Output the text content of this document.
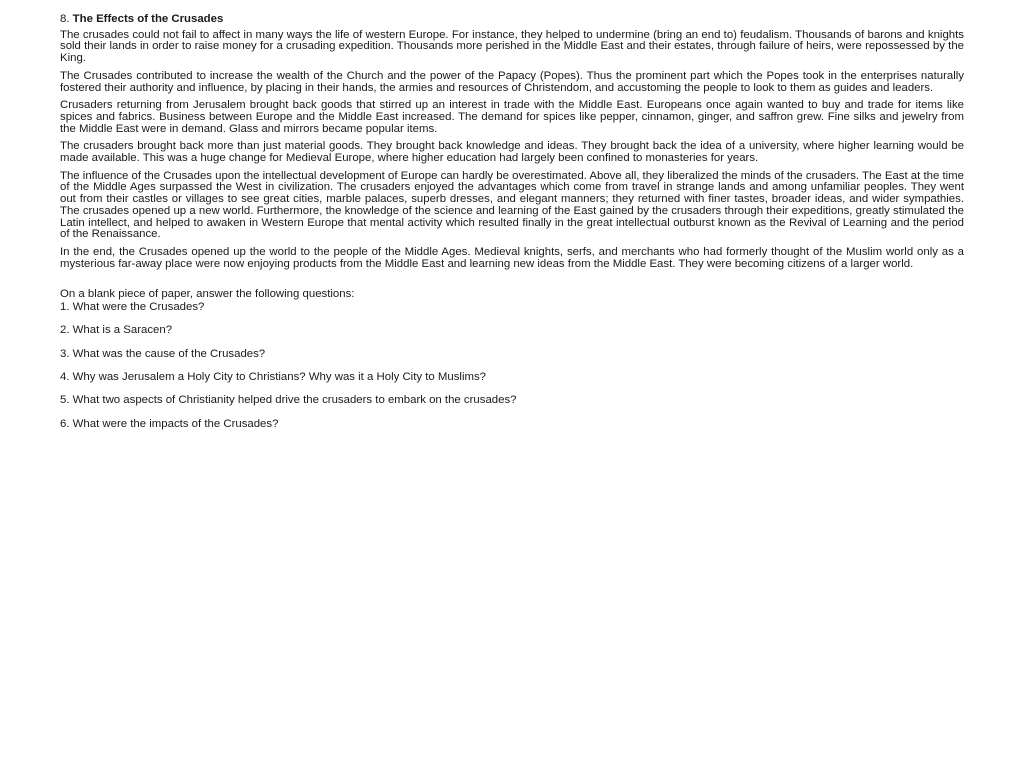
8. The Effects of the Crusades

The crusades could not fail to affect in many ways the life of western Europe. For instance, they helped to undermine (bring an end to) feudalism. Thousands of barons and knights sold their lands in order to raise money for a crusading expedition. Thousands more perished in the Middle East and their estates, through failure of heirs, were repossessed by the King.

The Crusades contributed to increase the wealth of the Church and the power of the Papacy (Popes). Thus the prominent part which the Popes took in the enterprises naturally fostered their authority and influence, by placing in their hands, the armies and resources of Christendom, and accustoming the people to look to them as guides and leaders.

Crusaders returning from Jerusalem brought back goods that stirred up an interest in trade with the Middle East. Europeans once again wanted to buy and trade for items like spices and fabrics. Business between Europe and the Middle East increased. The demand for spices like pepper, cinnamon, ginger, and saffron grew. Fine silks and jewelry from the Middle East were in demand. Glass and mirrors became popular items.

The crusaders brought back more than just material goods. They brought back knowledge and ideas. They brought back the idea of a university, where higher learning would be made available. This was a huge change for Medieval Europe, where higher education had largely been confined to monasteries for years.

The influence of the Crusades upon the intellectual development of Europe can hardly be overestimated. Above all, they liberalized the minds of the crusaders. The East at the time of the Middle Ages surpassed the West in civilization. The crusaders enjoyed the advantages which come from travel in strange lands and among unfamiliar peoples. They went out from their castles or villages to see great cities, marble palaces, superb dresses, and elegant manners; they returned with finer tastes, broader ideas, and wider sympathies. The crusades opened up a new world. Furthermore, the knowledge of the science and learning of the East gained by the crusaders through their expeditions, greatly stimulated the Latin intellect, and helped to awaken in Western Europe that mental activity which resulted finally in the great intellectual outburst known as the Revival of Learning and the period of the Renaissance.

In the end, the Crusades opened up the world to the people of the Middle Ages. Medieval knights, serfs, and merchants who had formerly thought of the Muslim world only as a mysterious far-away place were now enjoying products from the Middle East and learning new ideas from the Middle East. They were becoming citizens of a larger world.

On a blank piece of paper, answer the following questions:
1. What were the Crusades?
2. What is a Saracen?
3. What was the cause of the Crusades?
4. Why was Jerusalem a Holy City to Christians? Why was it a Holy City to Muslims?
5. What two aspects of Christianity helped drive the crusaders to embark on the crusades?
6. What were the impacts of the Crusades?
